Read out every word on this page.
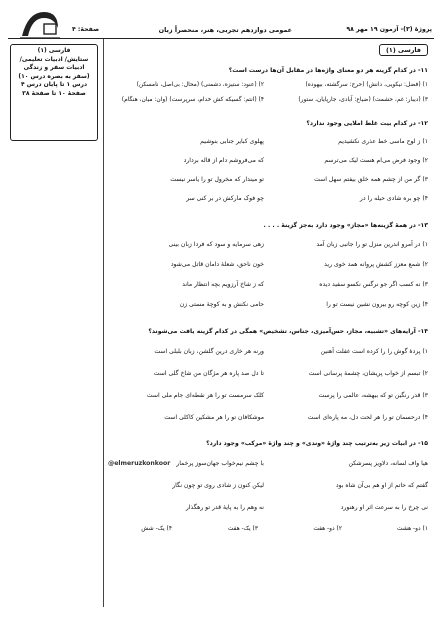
پروژهٔ (۳)- آزمون ۱۹ مهر ۹۸
عمومی دوازدهم تجربی، هنر، منحصراً زبان
صفحهٔ: ۴
فارسی (۱)
ستایش/ ادبیات تعلیمی/
ادبیات سفر و زندگی
(سفر به بصره درس ۱۰)
درس ۱ تا پایان درس ۴
صفحهٔ ۱۰ تا صفحهٔ ۳۸
فارسی (۱)
۱۱- در کدام گزینه هر دو معنای واژه‌ها در مقابل آن‌ها درست است؟
۱) (فضل: نیکویی، دانش) (حرج: سرگشته، بیهوده)
۲) (عنود: ستیزه، دشمنی) (محال: بی‌اصل، نامسکن)
۳) (دیبار: غم، حشمت) (ضیاع: آبادی، جارپایان، ستور)
۴) (انتم: گسیکه کش خدام، سرپرست) (وان: میان، هنگام)
۱۲- در کدام بیت غلط املایی وجود ندارد؟
۱) ز لوح ماسی خط عذری نکشیدیم
پهلوی کبایر جنابی بنوشیم
۲) وجود فرض می‌ام هست لیک می‌ترسم
که می‌فروشم دام از قاله بردارد
۳) گر من از چشم همه خلق بیفتم سهل است
تو میندار که مخرول تو را یاسر نیست
۴) چو بره شادی حیله را در
چو فوک مارکش در بر کنی سر
۱۳- در همهٔ گزینه‌ها «مجاز» وجود دارد به‌جز گزینهٔ . . . .
۱) در آمرو اندرین منزل تو را جانبی زبان آمد
زهی سرمایه و سود که فردا زبان بینی
۲) شمع معزز کشش پروانه همد خوی رید
خون ناحق، شعلهٔ دامان قاتل می‌شود
۳) نه کسب اگر جو نرگس نکسو سفید دیده
که ز شاخ آرزویم بچه انتظار ماند
۴) زین کوچه رو بیرون نشین نیست تو را
حامی نکنش و به کوچهٔ مستی زن
۱۴- آرایه‌های «تشبیه، مجاز، حس‌آمیزی، جناس، تشخیص» همگی در کدام گزینه یافت می‌شوند؟
۱) پردهٔ گوش را را کرده است غفلت آهنین
ورنه هر خاری درین گلشن، زبان بلبلی است
۲) تبسم از خواب پریشان، چشمهٔ پرسانی است
تا دل صد پاره هر مژگان من شاخ گلی است
۳) قدر رنگین تو که بیهشه، عالمی را پرست
کلک سرمست تو را هر نقطه‌ای جام ملی است
۴) درحسمان تو را هر لحت دل، مه پاره‌ای است
موشکافان تو را هر مشکین کاکلی است
۱۵- در ابیات زیر به‌ترتیب چند واژهٔ «وندی» و چند واژهٔ «مرکب» وجود دارد؟
هیا واف لسانه، دلاویز پسرشکن
با چشم نیم‌خواب جهان‌سوز پرخمار
گفتم که حاتم از او هم بی‌آن شاه بود
لیکن کنون ز شادی روی تو چون نگار
نی چرخ را به سرعت اثر او رهنورد
نه وهم را به پایهٔ قدر تو رهگذار
۱) دو- هشت
۲) دو- هفت
۳) یک- هفت
۴) یک- شش
@elmeruzkonkoor
